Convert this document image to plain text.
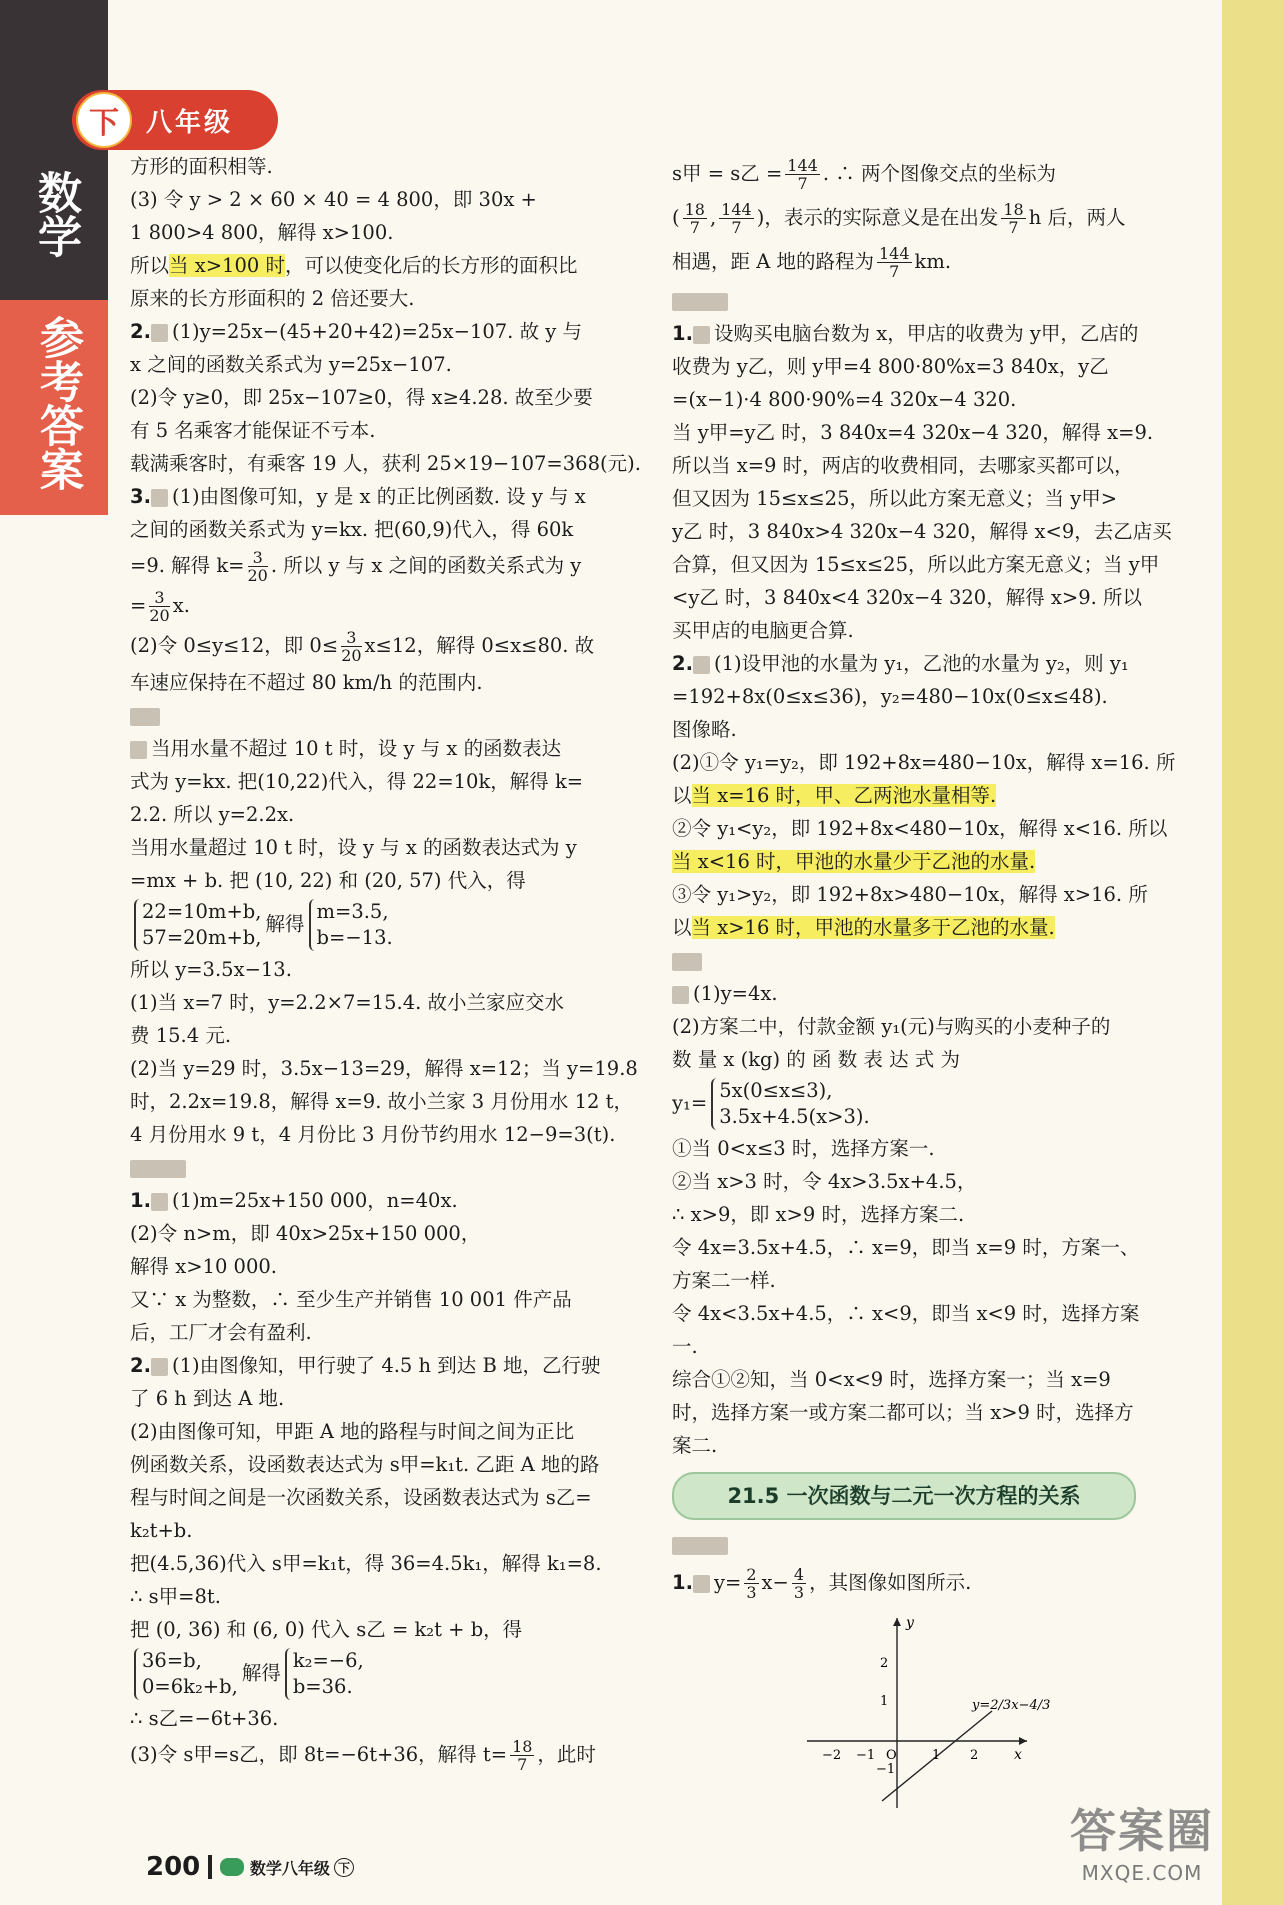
数学
参考答案
下	八年级

方形的面积相等.

(3) 令 y > 2 × 60 × 40 = 4 800，即 30x +

1 800>4 800，解得 x>100.

所以当 x>100 时，可以使变化后的长方形的面积比

原来的长方形面积的 2 倍还要大.

2. 解 (1)y=25x−(45+20+42)=25x−107. 故 y 与

x 之间的函数关系式为 y=25x−107.

(2)令 y≥0，即 25x−107≥0，得 x≥4.28. 故至少要

有 5 名乘客才能保证不亏本.

载满乘客时，有乘客 19 人，获利 25×19−107=368(元).

3. 解 (1)由图像可知，y 是 x 的正比例函数. 设 y 与 x

之间的函数关系式为 y=kx. 把(60,9)代入，得 60k

=9. 解得 $k= \frac{3}{20}$ . 所以 y 与 x 之间的函数关系式为 y

= $\frac{3}{20} x$.

(2)令 0≤y≤12，即 $0\le \frac{3}{20} x\le 12$，解得 0≤x≤80. 故

车速应保持在不超过 80 km/h 的范围内.

拓展

解 当用水量不超过 10 t 时，设 y 与 x 的函数表达

式为 y=kx. 把(10,22)代入，得 22=10k，解得 k=

2.2. 所以 y=2.2x.

当用水量超过 10 t 时，设 y 与 x 的函数表达式为 y

=mx + b. 把 (10, 22) 和 (20, 57) 代入，得

22=10m+b,
57=20m+b,
解得
m=3.5,
b=−13.

所以 y=3.5x−13.

(1)当 x=7 时，y=2.2×7=15.4. 故小兰家应交水

费 15.4 元.

(2)当 y=29 时，3.5x−13=29，解得 x=12；当 y=19.8

时，2.2x=19.8，解得 x=9. 故小兰家 3 月份用水 12 t，

4 月份用水 9 t，4 月份比 3 月份节约用水 12−9=3(t).

课后练习

1. 解 (1)m=25x+150 000，n=40x.

(2)令 n>m，即 40x>25x+150 000，

解得 x>10 000.

又∵ x 为整数，∴ 至少生产并销售 10 001 件产品

后，工厂才会有盈利.

2. 解 (1)由图像知，甲行驶了 4.5 h 到达 B 地，乙行驶

了 6 h 到达 A 地.

(2)由图像可知，甲距 A 地的路程与时间之间为正比

例函数关系，设函数表达式为 s甲=k₁t. 乙距 A 地的路

程与时间之间是一次函数关系，设函数表达式为 s乙=

k₂t+b.

把(4.5,36)代入 s甲=k₁t，得 36=4.5k₁，解得 k₁=8.

∴ s甲=8t.

把 (0, 36) 和 (6, 0) 代入 s乙 = k₂t + b，得

36=b,
0=6k₂+b,
解得
k₂=−6,
b=36.

∴ s乙=−6t+36.

(3)令 s甲=s乙，即 8t=−6t+36，解得 $t= \frac{18}{7}$ ，此时

s甲 = s乙 = $\frac{144}{7}$ . ∴ 两个图像交点的坐标为

( $\frac{18}{7}$ , $\frac{144}{7}$ )，表示的实际意义是在出发 $\frac{18}{7}$ h 后，两人

相遇，距 A 地的路程为 $\frac{144}{7}$ km.

课后练习

1. 解 设购买电脑台数为 x，甲店的收费为 y甲，乙店的

收费为 y乙，则 y甲=4 800·80%x=3 840x，y乙

=(x−1)·4 800·90%=4 320x−4 320.

当 y甲=y乙 时，3 840x=4 320x−4 320，解得 x=9.

所以当 x=9 时，两店的收费相同，去哪家买都可以，

但又因为 15≤x≤25，所以此方案无意义；当 y甲>

y乙 时，3 840x>4 320x−4 320，解得 x<9，去乙店买

合算，但又因为 15≤x≤25，所以此方案无意义；当 y甲

<y乙 时，3 840x<4 320x−4 320，解得 x>9. 所以

买甲店的电脑更合算.

2. 解 (1)设甲池的水量为 y₁，乙池的水量为 y₂，则 y₁

=192+8x(0≤x≤36)，y₂=480−10x(0≤x≤48).

图像略.

(2)①令 y₁=y₂，即 192+8x=480−10x，解得 x=16. 所

以当 x=16 时，甲、乙两池水量相等.

②令 y₁<y₂，即 192+8x<480−10x，解得 x<16. 所以

当 x<16 时，甲池的水量少于乙池的水量.

③令 y₁>y₂，即 192+8x>480−10x，解得 x>16. 所

以当 x>16 时，甲池的水量多于乙池的水量.

拓展

解 (1)y=4x.

(2)方案二中，付款金额 y₁(元)与购买的小麦种子的

数 量 x (kg) 的 函 数 表 达 式 为

y₁=
5x(0≤x≤3),
3.5x+4.5(x>3).

①当 0<x≤3 时，选择方案一.

②当 x>3 时，令 4x>3.5x+4.5，

∴ x>9，即 x>9 时，选择方案二.

令 4x=3.5x+4.5，∴ x=9，即当 x=9 时，方案一、

方案二一样.

令 4x<3.5x+4.5，∴ x<9，即当 x<9 时，选择方案

一.

综合①②知，当 0<x<9 时，选择方案一；当 x=9

时，选择方案一或方案二都可以；当 x>9 时，选择方

案二.

21.5 一次函数与二元一次方程的关系

课后练习

1. 解 $y= \frac{2}{3} x- \frac{4}{3}$ ，其图像如图所示.

y
x
2
1
−1
−2 −1 O	1 2
y=2/3x−4/3
200	1 数学八年级 下
答案圈
MXQE.COM
